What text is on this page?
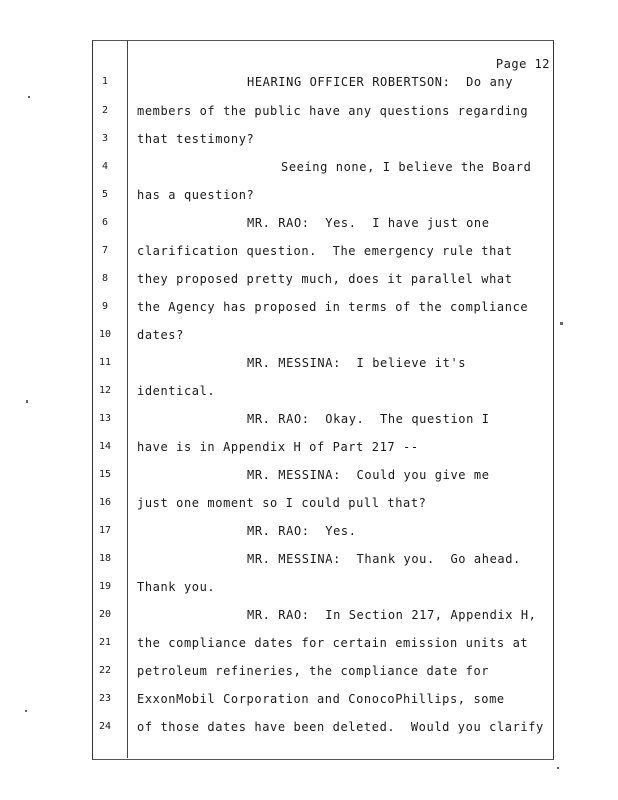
Page 12
1	HEARING OFFICER ROBERTSON:  Do any
2	members of the public have any questions regarding
3	that testimony?
4	Seeing none, I believe the Board
5	has a question?
6	MR. RAO:  Yes.  I have just one
7	clarification question.  The emergency rule that
8	they proposed pretty much, does it parallel what
9	the Agency has proposed in terms of the compliance
10	dates?
11	MR. MESSINA:  I believe it's
12	identical.
13	MR. RAO:  Okay.  The question I
14	have is in Appendix H of Part 217 --
15	MR. MESSINA:  Could you give me
16	just one moment so I could pull that?
17	MR. RAO:  Yes.
18	MR. MESSINA:  Thank you.  Go ahead.
19	Thank you.
20	MR. RAO:  In Section 217, Appendix H,
21	the compliance dates for certain emission units at
22	petroleum refineries, the compliance date for
23	ExxonMobil Corporation and ConocoPhillips, some
24	of those dates have been deleted.  Would you clarify
